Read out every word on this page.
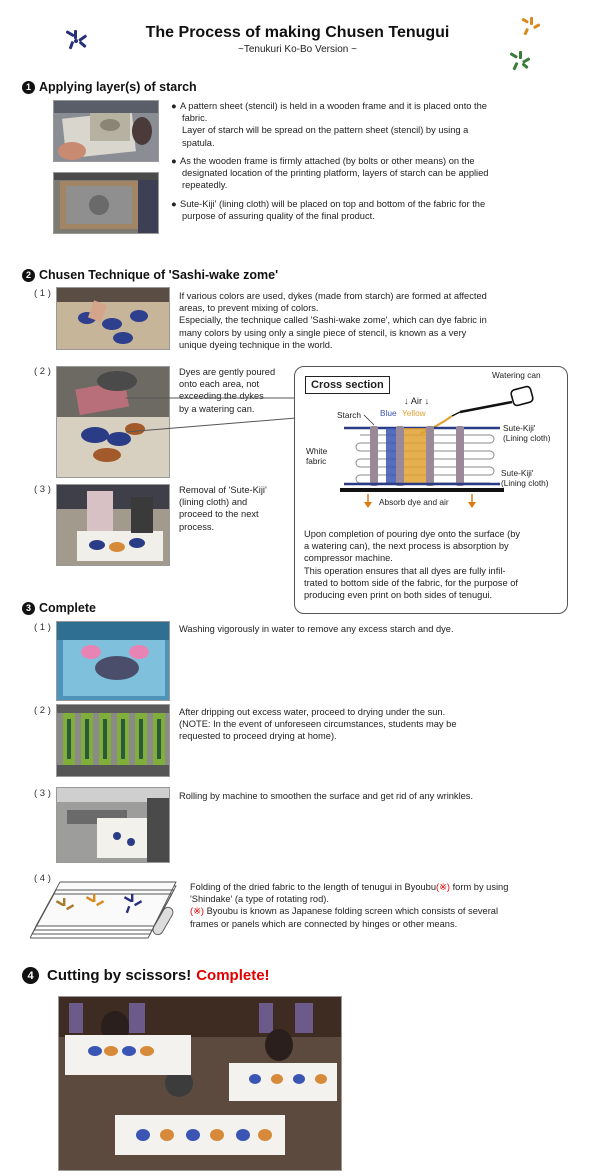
The Process of making Chusen Tenugui
~Tenukuri Ko-Bo Version ~
1 Applying layer(s) of starch
● A pattern sheet (stencil) is held in a wooden frame and it is placed onto the
fabric.
Layer of starch will be spread on the pattern sheet (stencil) by using a
spatula.
● As the wooden frame is firmly attached (by bolts or other means) on the
designated location of the printing platform, layers of starch can be applied
repeatedly.
● Sute-Kiji' (lining cloth) will be placed on top and bottom of the fabric for the
purpose of assuring quality of the final product.
2 Chusen Technique of 'Sashi-wake zome'
( 1 )	If various colors are used, dykes (made from starch) are formed at affected
areas, to prevent mixing of colors.
Especially, the technique called 'Sashi-wake zome', which can dye fabric in
many colors by using only a single piece of stencil, is known as a very
unique dyeing technique in the world.
( 2 )	Dyes are gently poured
onto each area, not
exceeding the dykes
by a watering can.
( 3 )	Removal of 'Sute-Kiji'
(lining cloth) and
proceed to the next
process.
Cross section
Watering can
↓ Air ↓
Starch Blue Yellow
White
fabric
Sute-Kiji'
(Lining cloth)
Sute-Kiji'
(Lining cloth)
Absorb dye and air
Upon completion of pouring dye onto the surface (by
a watering can), the next process is absorption by
compressor machine.
This operation ensures that all dyes are fully infil-
trated to bottom side of the fabric, for the purpose of
producing even print on both sides of tenugui.
3 Complete
( 1 )	Washing vigorously in water to remove any excess starch and dye.
( 2 )	After dripping out excess water, proceed to drying under the sun.
(NOTE: In the event of unforeseen circumstances, students may be
requested to proceed drying at home).
( 3 )	Rolling by machine to smoothen the surface and get rid of any wrinkles.
( 4 )
Folding of the dried fabric to the length of tenugui in Byoubu(※) form by using
'Shindake' (a type of rotating rod).
(※) Byoubu is known as Japanese folding screen which consists of several
frames or panels which are connected by hinges or other means.
4 Cutting by scissors! Complete!
